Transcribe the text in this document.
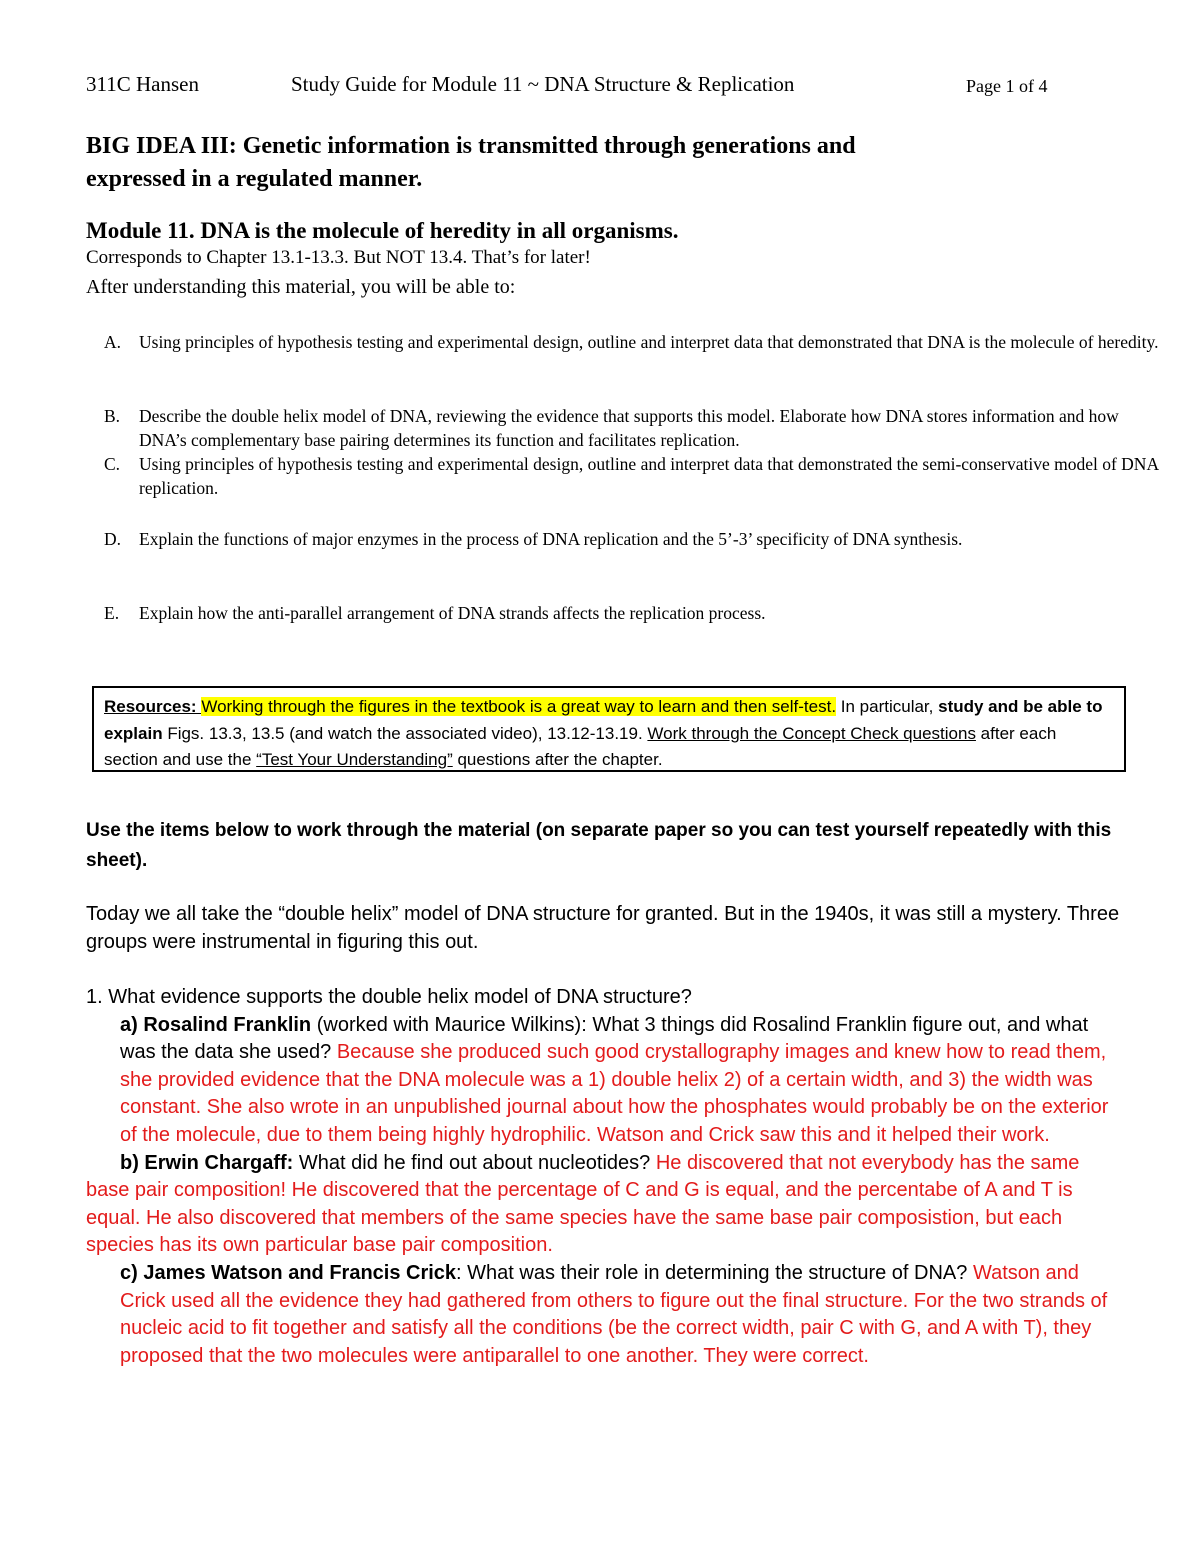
311C Hansen	Study Guide for Module 11 ~ DNA Structure & Replication	Page 1 of 4
BIG IDEA III: Genetic information is transmitted through generations and
expressed in a regulated manner.
Module 11. DNA is the molecule of heredity in all organisms.
Corresponds to Chapter 13.1-13.3. But NOT 13.4. That’s for later!
After understanding this material, you will be able to:
A. Using principles of hypothesis testing and experimental design, outline and interpret data that demonstrated that DNA is the molecule of heredity.
B. Describe the double helix model of DNA, reviewing the evidence that supports this model. Elaborate how DNA stores information and how DNA’s complementary base pairing determines its function and facilitates replication.
C. Using principles of hypothesis testing and experimental design, outline and interpret data that demonstrated the semi-conservative model of DNA replication.
D. Explain the functions of major enzymes in the process of DNA replication and the 5’-3’ specificity of DNA synthesis.
E. Explain how the anti-parallel arrangement of DNA strands affects the replication process.
Resources: Working through the figures in the textbook is a great way to learn and then self-test. In particular, study and be able to explain Figs. 13.3, 13.5 (and watch the associated video), 13.12-13.19. Work through the Concept Check questions after each section and use the “Test Your Understanding” questions after the chapter.
Use the items below to work through the material (on separate paper so you can test yourself repeatedly with this sheet).
Today we all take the “double helix” model of DNA structure for granted. But in the 1940s, it was still a mystery. Three groups were instrumental in figuring this out.
1. What evidence supports the double helix model of DNA structure?
a) Rosalind Franklin (worked with Maurice Wilkins): What 3 things did Rosalind Franklin figure out, and what was the data she used? Because she produced such good crystallography images and knew how to read them, she provided evidence that the DNA molecule was a 1) double helix 2) of a certain width, and 3) the width was constant. She also wrote in an unpublished journal about how the phosphates would probably be on the exterior of the molecule, due to them being highly hydrophilic. Watson and Crick saw this and it helped their work.
b) Erwin Chargaff: What did he find out about nucleotides? He discovered that not everybody has the same base pair composition! He discovered that the percentage of C and G is equal, and the percentabe of A and T is equal. He also discovered that members of the same species have the same base pair composistion, but each species has its own particular base pair composition.
c) James Watson and Francis Crick: What was their role in determining the structure of DNA? Watson and Crick used all the evidence they had gathered from others to figure out the final structure. For the two strands of nucleic acid to fit together and satisfy all the conditions (be the correct width, pair C with G, and A with T), they proposed that the two molecules were antiparallel to one another. They were correct.
